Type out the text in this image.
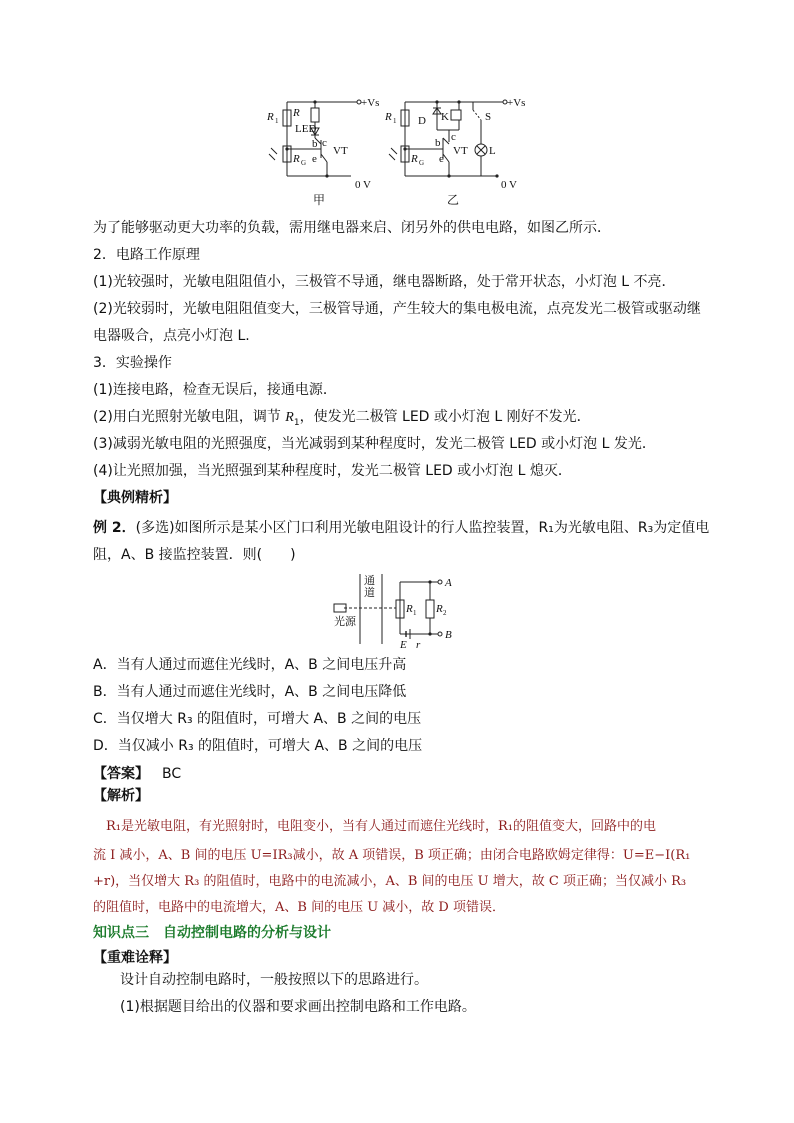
+Vs
0 V
甲
R 1
R
R G
LED
b c
e
VT
+Vs
0 V
乙
R 1
R G
D K	S
b c
e
VT L
为了能够驱动更大功率的负载，需用继电器来启、闭另外的供电电路，如图乙所示．
2．电路工作原理
(1)光较强时，光敏电阻阻值小，三极管不导通，继电器断路，处于常开状态，小灯泡 L 不亮．
(2)光较弱时，光敏电阻阻值变大，三极管导通，产生较大的集电极电流，点亮发光二极管或驱动继
电器吸合，点亮小灯泡 L.
3．实验操作
(1)连接电路，检查无误后，接通电源．
(2)用白光照射光敏电阻，调节 $R_1$，使发光二极管 LED 或小灯泡 L 刚好不发光．
(3)减弱光敏电阻的光照强度，当光减弱到某种程度时，发光二极管 LED 或小灯泡 L 发光．
(4)让光照加强，当光照强到某种程度时，发光二极管 LED 或小灯泡 L 熄灭．
【典例精析】
例 2．(多选)如图所示是某小区门口利用光敏电阻设计的行人监控装置，R₁为光敏电阻、R₃为定值电
阻，A、B 接监控装置．则(　　)
通
道
光源
A
B
R 1 R 2
E r
A．当有人通过而遮住光线时，A、B 之间电压升高
B．当有人通过而遮住光线时，A、B 之间电压降低
C．当仅增大 R₃ 的阻值时，可增大 A、B 之间的电压
D．当仅减小 R₃ 的阻值时，可增大 A、B 之间的电压
【答案】 BC
【解析】
R₁是光敏电阻，有光照射时，电阻变小，当有人通过而遮住光线时，R₁的阻值变大，回路中的电
流 I 减小，A、B 间的电压 U=IR₃减小，故 A 项错误，B 项正确；由闭合电路欧姆定律得：U=E−I(R₁
+r)，当仅增大 R₃ 的阻值时，电路中的电流减小，A、B 间的电压 U 增大，故 C 项正确；当仅减小 R₃
的阻值时，电路中的电流增大，A、B 间的电压 U 减小，故 D 项错误．
知识点三　自动控制电路的分析与设计
【重难诠释】
设计自动控制电路时，一般按照以下的思路进行。
(1)根据题目给出的仪器和要求画出控制电路和工作电路。
